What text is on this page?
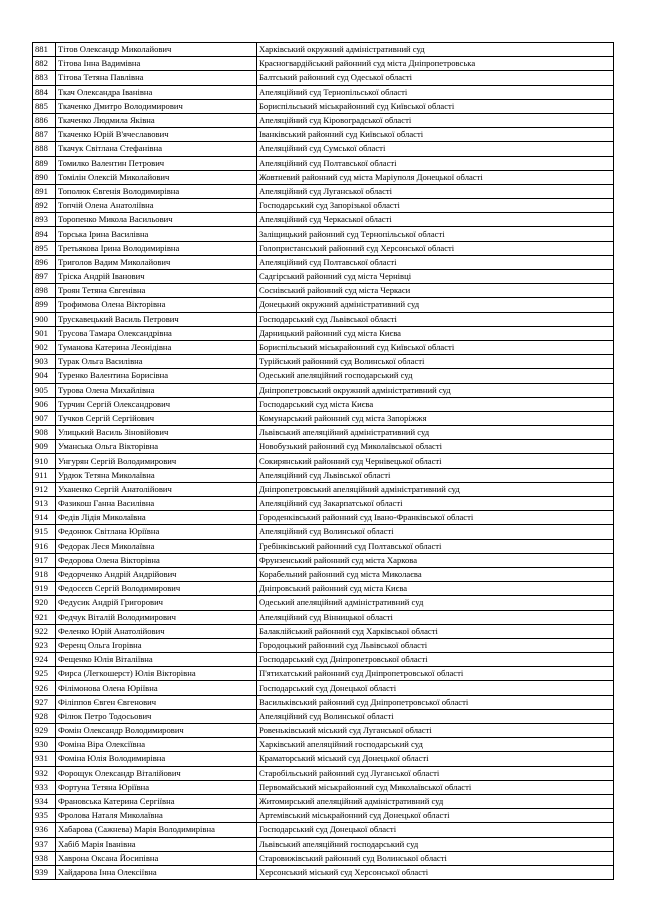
881	Тітов Олександр Миколайович	Харківський окружний адміністративний суд
882	Тітова Інна Вадимівна	Красногвардійський районний суд міста Дніпропетровська
883	Тітова Тетяна Павлівна	Балтський районний суд Одеської області
884	Ткач Олександра Іванівна	Апеляційний суд Тернопільської області
885	Ткаченко Дмитро Володимирович	Бориспільський міськрайонний суд Київської області
886	Ткаченко Людмила Яківна	Апеляційний суд Кіровоградської області
887	Ткаченко Юрій В'ячеславович	Іванківський районний суд Київської області
888	Ткачук Світлана Стефанівна	Апеляційний суд Сумської області
889	Томилко Валентин Петрович	Апеляційний суд Полтавської області
890	Томілін Олексій Миколайович	Жовтневий районний суд міста Маріуполя Донецької області
891	Тополюк Євгенія Володимирівна	Апеляційний суд Луганської області
892	Топчій Олена Анатоліївна	Господарський суд Запорізької області
893	Торопенко Микола Васильович	Апеляційний суд Черкаської області
894	Торська Ірина Василівна	Заліщицький районний суд Тернопільської області
895	Третьякова Ірина Володимирівна	Голопристанський районний суд Херсонської області
896	Триголов Вадим Миколайович	Апеляційний суд Полтавської області
897	Тріска Андрій Іванович	Садгірський районний суд міста Чернівці
898	Троян Тетяна Євгенівна	Соснівський районний суд міста Черкаси
899	Трофимова Олена Вікторівна	Донецький окружний адміністративний суд
900	Трускавецький Василь Петрович	Господарський суд Львівської області
901	Трусова Тамара Олександрівна	Дарницький районний суд міста Києва
902	Туманова Катерина Леонідівна	Бориспільський міськрайонний суд Київської області
903	Турак Ольга Василівна	Турійський районний суд Волинської області
904	Туренко Валентина Борисівна	Одеський апеляційний господарський суд
905	Турова Олена Михайлівна	Дніпропетровський окружний адміністративний суд
906	Турчин Сергій Олександрович	Господарський суд міста Києва
907	Тучков Сергій Сергійович	Комунарський районний суд міста Запоріжжя
908	Улицький Василь Зіновійович	Львівський апеляційний адміністративний суд
909	Уманська Ольга Вікторівна	Новобузький районний суд Миколаївської області
910	Унгурян Сергій Володимирович	Сокирянський районний суд Чернівецької області
911	Урдюк Тетяна Миколаївна	Апеляційний суд Львівської області
912	Уханенко Сергій Анатолійович	Дніпропетровський апеляційний адміністративний суд
913	Фазикош Ганна Василівна	Апеляційний суд Закарпатської області
914	Федів Лідія Миколаївна	Городенківський районний суд Івано-Франківської області
915	Федонюк Світлана Юріївна	Апеляційний суд Волинської області
916	Федорак Леся Миколаївна	Гребінківський районний суд Полтавської області
917	Федорова Олена Вікторівна	Фрунзенський районний суд міста Харкова
918	Федорченко Андрій Андрійович	Корабельний районний суд міста Миколаєва
919	Федосєєв Сергій Володимирович	Дніпровський районний суд міста Києва
920	Федусик Андрій Григорович	Одеський апеляційний адміністративний суд
921	Федчук Віталій Володимирович	Апеляційний суд Вінницької області
922	Феленко Юрій Анатолійович	Балаклійський районний суд Харківської області
923	Ференц Ольга Ігорівна	Городоцький районний суд Львівської області
924	Фещенко Юлія Віталіївна	Господарський суд Дніпропетровської області
925	Фирса (Легкошерст) Юлія Вікторівна	П'ятихатський районний суд Дніпропетровської області
926	Філімонова Олена Юріївна	Господарський суд Донецької області
927	Філіппов Євген Євгенович	Васильківський районний суд Дніпропетровської області
928	Філюк Петро Тодосьович	Апеляційний суд Волинської області
929	Фомін Олександр Володимирович	Ровеньківський міський суд Луганської області
930	Фоміна Віра Олексіївна	Харківський апеляційний господарський суд
931	Фоміна Юлія Володимирівна	Краматорський міський суд Донецької області
932	Форощук Олександр Віталійович	Старобільський районний суд Луганської області
933	Фортуна Тетяна Юріївна	Первомайський міськрайонний суд Миколаївської області
934	Франовська Катерина Сергіївна	Житомирський апеляційний адміністративний суд
935	Фролова Наталя Миколаївна	Артемівський міськрайонний суд Донецької області
936	Хабарова (Сажнева) Марія Володимирівна	Господарський суд Донецької області
937	Хабіб Марія Іванівна	Львівський апеляційний господарський суд
938	Хаврона Оксана Йосипівна	Старовижівський районний суд Волинської області
939	Хайдарова Інна Олексіївна	Херсонський міський суд Херсонської області
